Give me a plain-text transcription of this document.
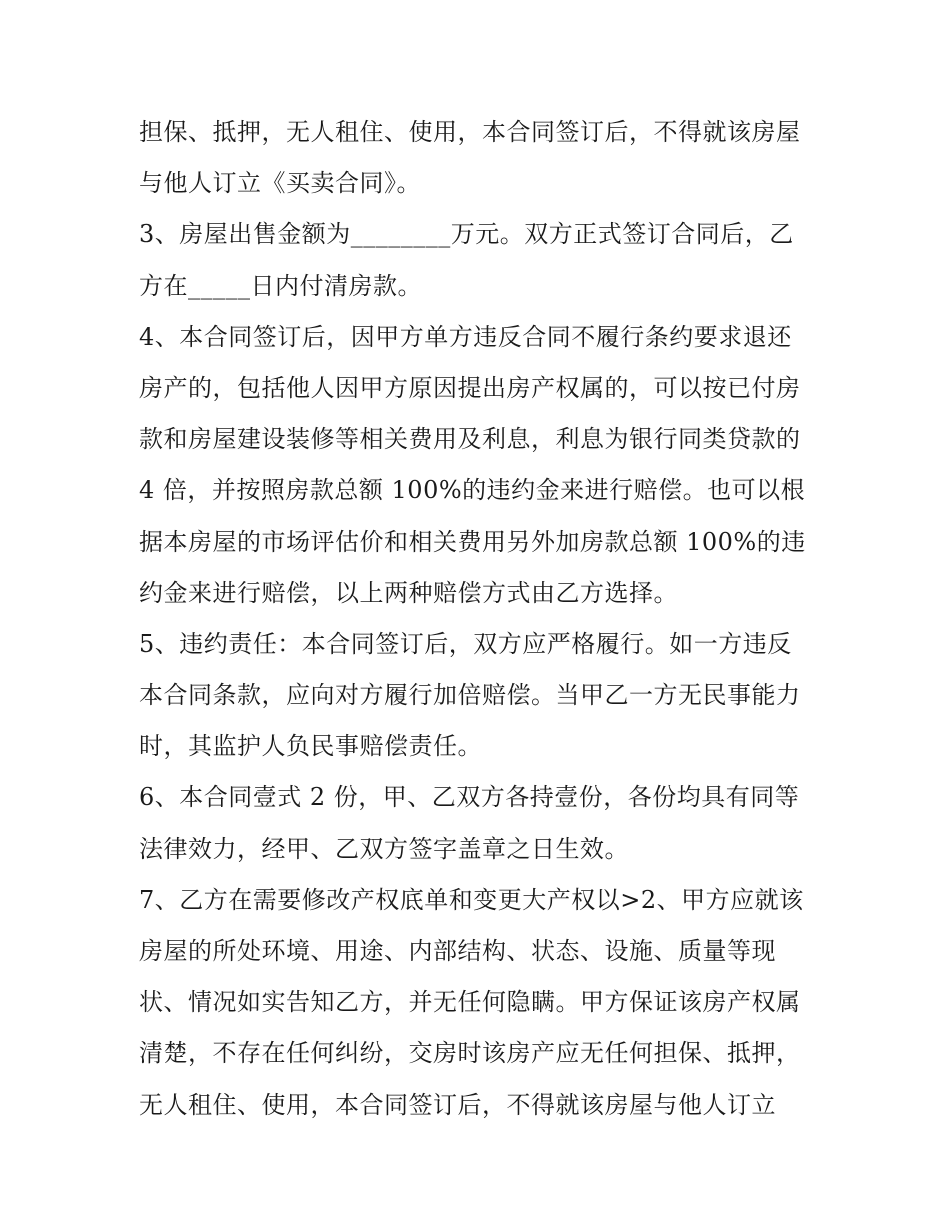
担保、抵押，无人租住、使用，本合同签订后，不得就该房屋
与他人订立《买卖合同》。
3、房屋出售金额为________万元。双方正式签订合同后，乙
方在_____日内付清房款。
4、本合同签订后，因甲方单方违反合同不履行条约要求退还
房产的，包括他人因甲方原因提出房产权属的，可以按已付房
款和房屋建设装修等相关费用及利息，利息为银行同类贷款的
4 倍，并按照房款总额 100%的违约金来进行赔偿。也可以根
据本房屋的市场评估价和相关费用另外加房款总额 100%的违
约金来进行赔偿，以上两种赔偿方式由乙方选择。
5、违约责任：本合同签订后，双方应严格履行。如一方违反
本合同条款，应向对方履行加倍赔偿。当甲乙一方无民事能力
时，其监护人负民事赔偿责任。
6、本合同壹式 2 份，甲、乙双方各持壹份，各份均具有同等
法律效力，经甲、乙双方签字盖章之日生效。
7、乙方在需要修改产权底单和变更大产权以>2、甲方应就该
房屋的所处环境、用途、内部结构、状态、设施、质量等现
状、情况如实告知乙方，并无任何隐瞒。甲方保证该房产权属
清楚，不存在任何纠纷，交房时该房产应无任何担保、抵押，
无人租住、使用，本合同签订后，不得就该房屋与他人订立
